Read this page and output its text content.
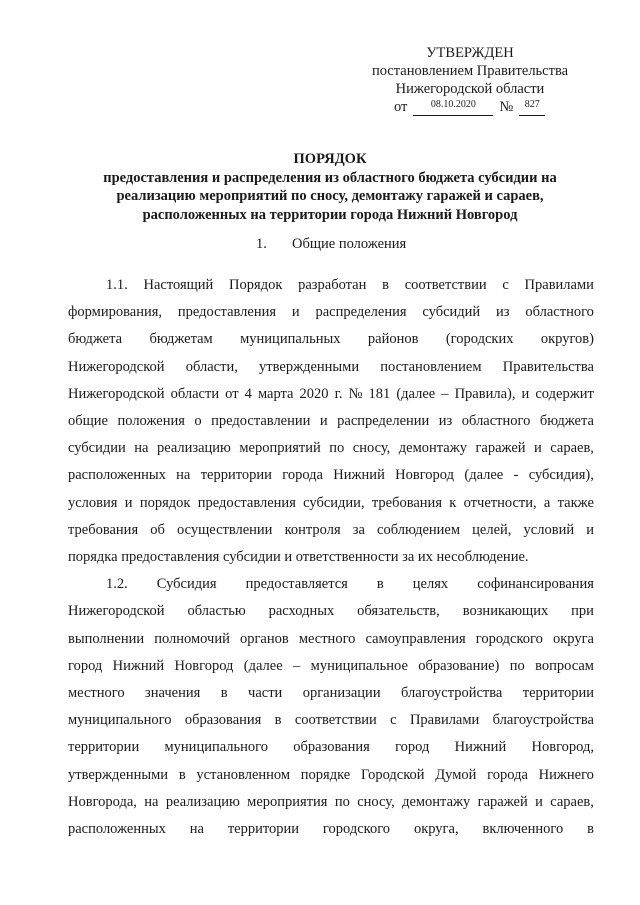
УТВЕРЖДЕН
постановлением Правительства
Нижегородской области
от	08.10.2020	№	827
ПОРЯДОК
предоставления и распределения из областного бюджета субсидии на
реализацию мероприятий по сносу, демонтажу гаражей и сараев,
расположенных на территории города Нижний Новгород
1. Общие положения
1.1. Настоящий Порядок разработан в соответствии с Правилами
формирования, предоставления и распределения субсидий из областного
бюджета бюджетам муниципальных районов (городских округов)
Нижегородской области, утвержденными постановлением Правительства
Нижегородской области от 4 марта 2020 г. № 181 (далее – Правила), и содержит
общие положения о предоставлении и распределении из областного бюджета
субсидии на реализацию мероприятий по сносу, демонтажу гаражей и сараев,
расположенных на территории города Нижний Новгород (далее - субсидия),
условия и порядок предоставления субсидии, требования к отчетности, а также
требования об осуществлении контроля за соблюдением целей, условий и
порядка предоставления субсидии и ответственности за их несоблюдение.
1.2. Субсидия предоставляется в целях софинансирования
Нижегородской областью расходных обязательств, возникающих при
выполнении полномочий органов местного самоуправления городского округа
город Нижний Новгород (далее – муниципальное образование) по вопросам
местного значения в части организации благоустройства территории
муниципального образования в соответствии с Правилами благоустройства
территории муниципального образования город Нижний Новгород,
утвержденными в установленном порядке Городской Думой города Нижнего
Новгорода, на реализацию мероприятия по сносу, демонтажу гаражей и сараев,
расположенных на территории городского округа, включенного в
